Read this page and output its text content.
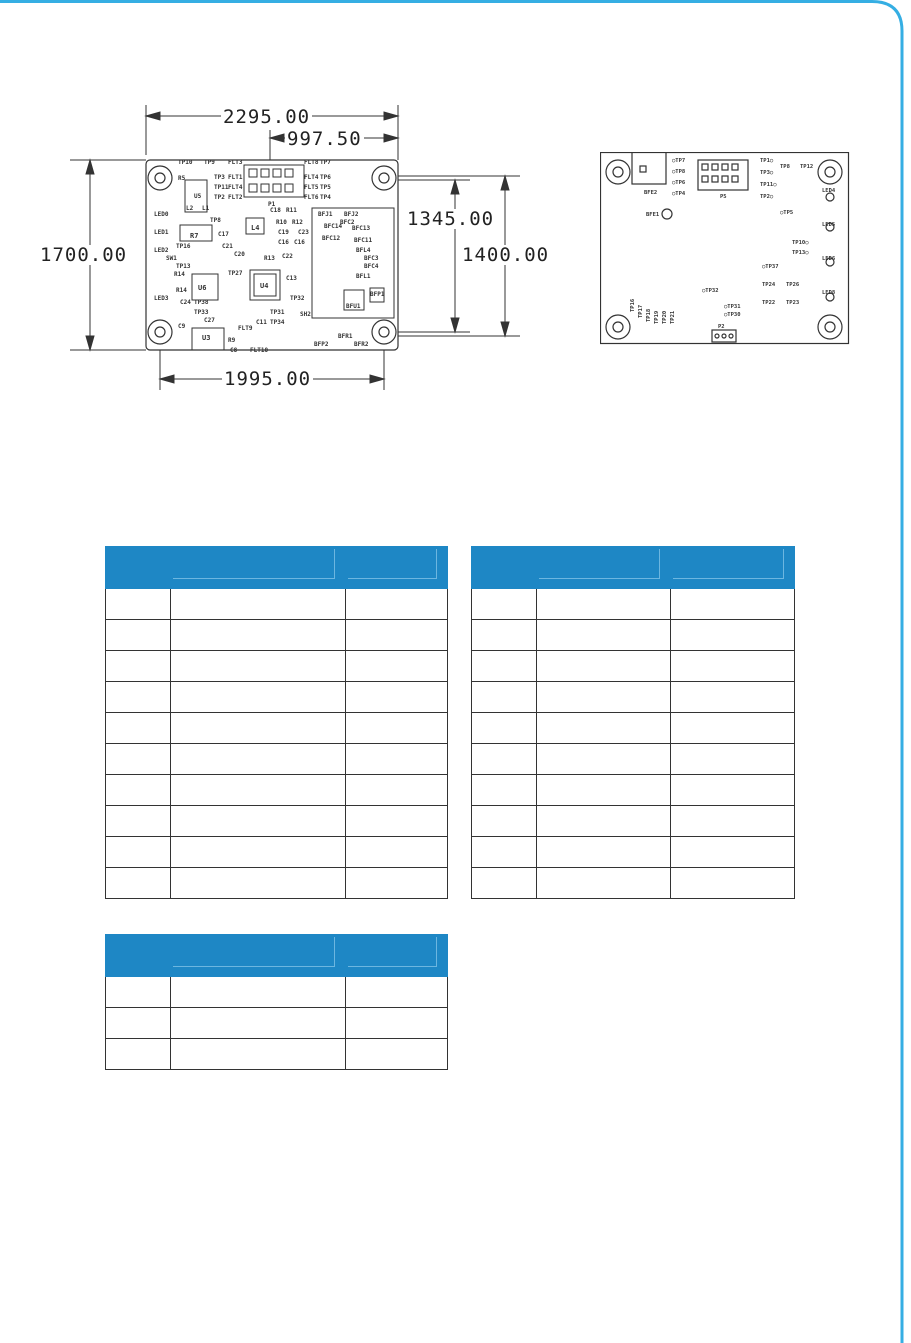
TP10 TP9 FLT3	FLT8 TP7
TP3 FLT1	FLT4 TP6
TP11 FLT4	FLT5 TP5
TP2 FLT2	FLT6 TP4
P1
U5
R5
L2 L1
TP8
C17
C18 R11
R10 R12
L4
R7	C19 C23
C16 C16
C21
C20
R13 C22
U4
U6
R14
R14
TP27
TP16
C24 TP38
TP33
C27
TP32
C13
LED0
LED1
LED2
LED3
SW1
TP13
R9
C8 FLT10
FLT9
U3
C9
C11
TP31
TP34
SH2
BFJ1 BFJ2
BFC2
BFC14 BFC13
BFC12 BFC11
BFL4
BFC3
BFC4
BFL1
BFU1
BFR1
BFR2
BFP2
BFP1
2295.00
997.50
1700.00
1345.00
1400.00
1995.00
○TP7
○TP8
○TP6
○TP4
BFE2
BFE1
P5
TP1○
TP8 TP12
TP3○
TP11○
TP2○
○TP5
LED4
LED5
TP10○
TP13○
LED6
○TP37
○TP32
TP24 TP26
TP22 TP23
LED8
○TP31
○TP30
P2
TP16 TP17 TP18 TP19 TP20 TP21
